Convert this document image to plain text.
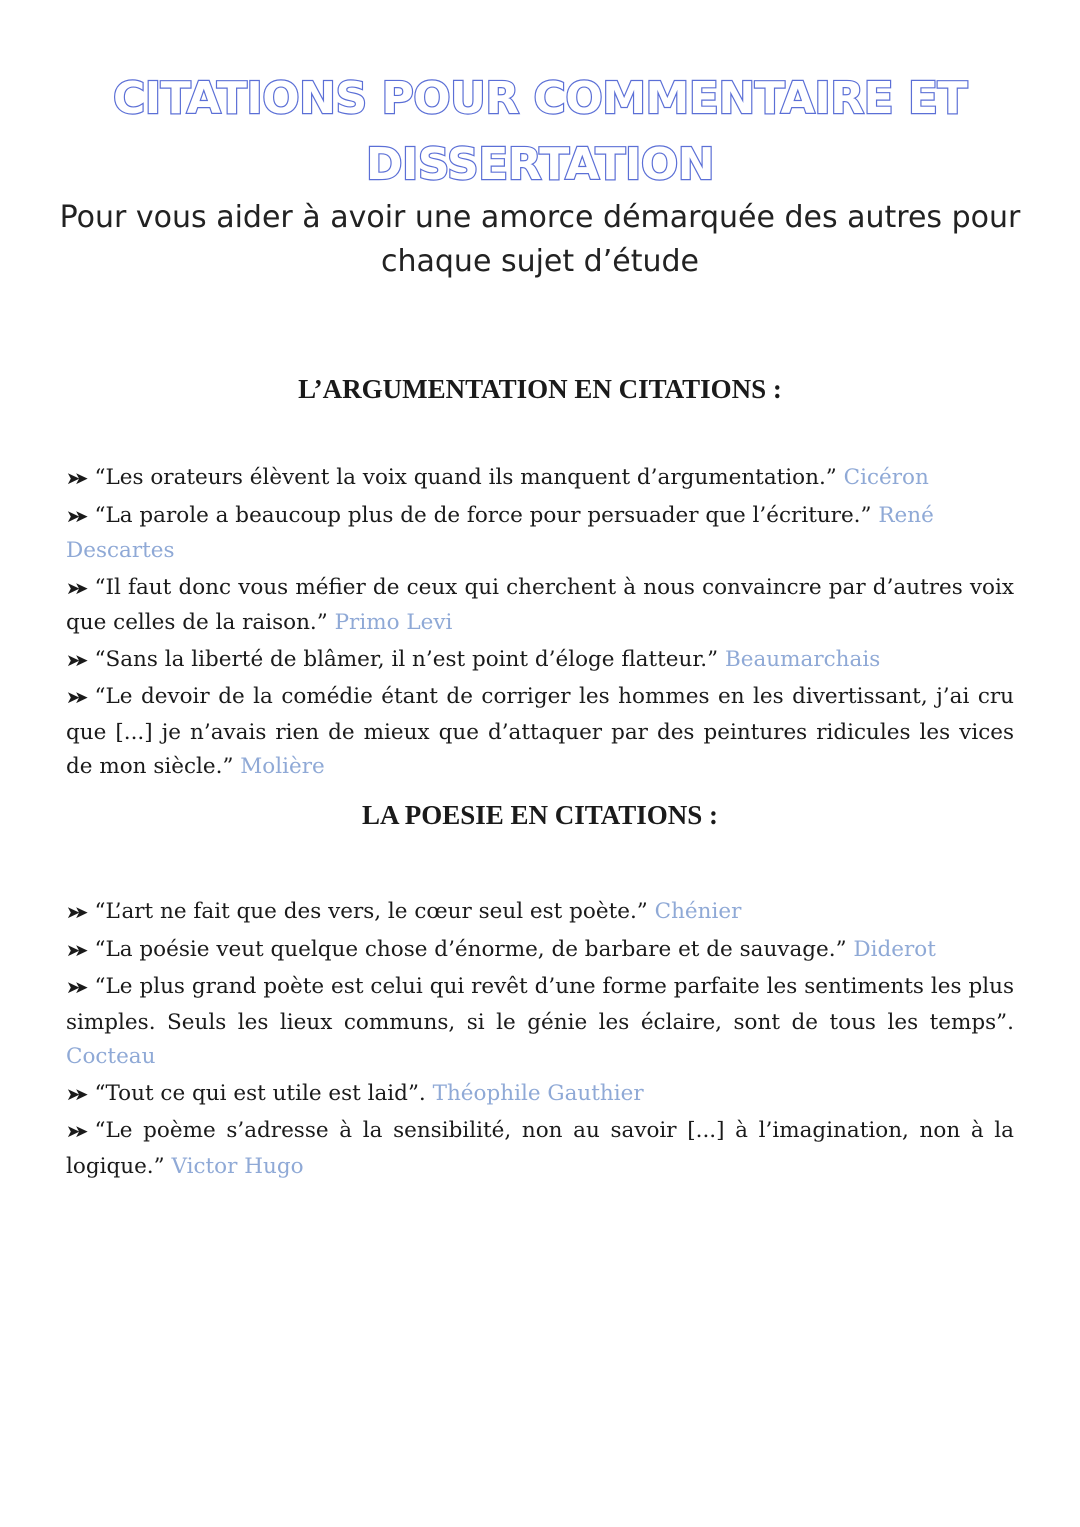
CITATIONS POUR COMMENTAIRE ET DISSERTATION
Pour vous aider à avoir une amorce démarquée des autres pour chaque sujet d’étude
L’ARGUMENTATION EN CITATIONS :
➤➤ “Les orateurs élèvent la voix quand ils manquent d’argumentation.” Cicéron
➤➤ “La parole a beaucoup plus de de force pour persuader que l’écriture.” René Descartes
➤➤ “Il faut donc vous méfier de ceux qui cherchent à nous convaincre par d’autres voix que celles de la raison.” Primo Levi
➤➤ “Sans la liberté de blâmer, il n’est point d’éloge flatteur.” Beaumarchais
➤➤ “Le devoir de la comédie étant de corriger les hommes en les divertissant, j’ai cru que [...] je n’avais rien de mieux que d’attaquer par des peintures ridicules les vices de mon siècle.” Molière
LA POESIE EN CITATIONS :
➤➤ “L’art ne fait que des vers, le cœur seul est poète.” Chénier
➤➤ “La poésie veut quelque chose d’énorme, de barbare et de sauvage.” Diderot
➤➤ “Le plus grand poète est celui qui revêt d’une forme parfaite les sentiments les plus simples. Seuls les lieux communs, si le génie les éclaire, sont de tous les temps”. Cocteau
➤➤ “Tout ce qui est utile est laid”. Théophile Gauthier
➤➤ “Le poème s’adresse à la sensibilité, non au savoir [...] à l’imagination, non à la logique.” Victor Hugo
